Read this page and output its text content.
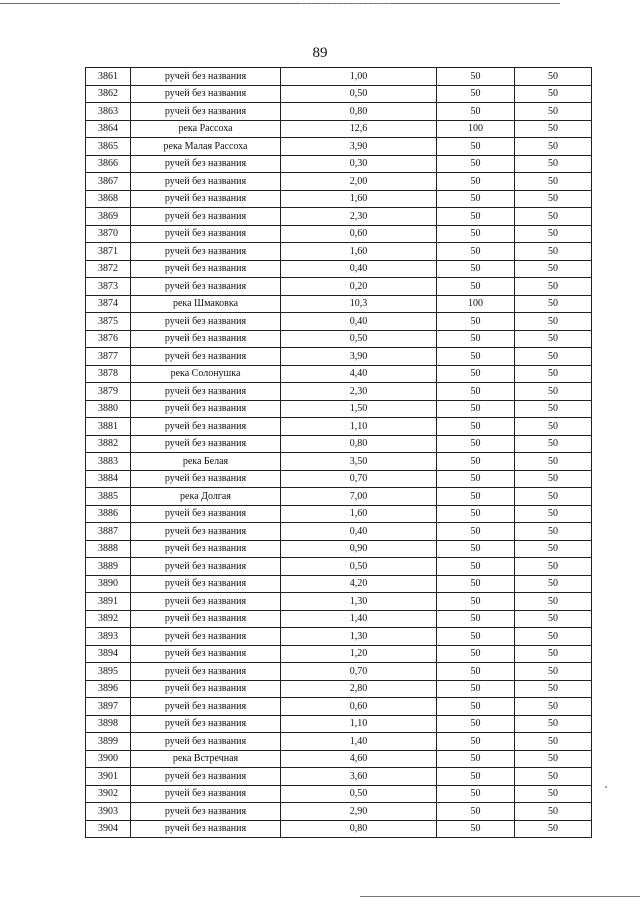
89
3861	ручей без названия	1,00	50	50
3862	ручей без названия	0,50	50	50
3863	ручей без названия	0,80	50	50
3864	река Рассоха	12,6	100	50
3865	река Малая Рассоха	3,90	50	50
3866	ручей без названия	0,30	50	50
3867	ручей без названия	2,00	50	50
3868	ручей без названия	1,60	50	50
3869	ручей без названия	2,30	50	50
3870	ручей без названия	0,60	50	50
3871	ручей без названия	1,60	50	50
3872	ручей без названия	0,40	50	50
3873	ручей без названия	0,20	50	50
3874	река Шмаковка	10,3	100	50
3875	ручей без названия	0,40	50	50
3876	ручей без названия	0,50	50	50
3877	ручей без названия	3,90	50	50
3878	река Солонушка	4,40	50	50
3879	ручей без названия	2,30	50	50
3880	ручей без названия	1,50	50	50
3881	ручей без названия	1,10	50	50
3882	ручей без названия	0,80	50	50
3883	река Белая	3,50	50	50
3884	ручей без названия	0,70	50	50
3885	река Долгая	7,00	50	50
3886	ручей без названия	1,60	50	50
3887	ручей без названия	0,40	50	50
3888	ручей без названия	0,90	50	50
3889	ручей без названия	0,50	50	50
3890	ручей без названия	4,20	50	50
3891	ручей без названия	1,30	50	50
3892	ручей без названия	1,40	50	50
3893	ручей без названия	1,30	50	50
3894	ручей без названия	1,20	50	50
3895	ручей без названия	0,70	50	50
3896	ручей без названия	2,80	50	50
3897	ручей без названия	0,60	50	50
3898	ручей без названия	1,10	50	50
3899	ручей без названия	1,40	50	50
3900	река Встречная	4,60	50	50
3901	ручей без названия	3,60	50	50
3902	ручей без названия	0,50	50	50
3903	ручей без названия	2,90	50	50
3904	ручей без названия	0,80	50	50
